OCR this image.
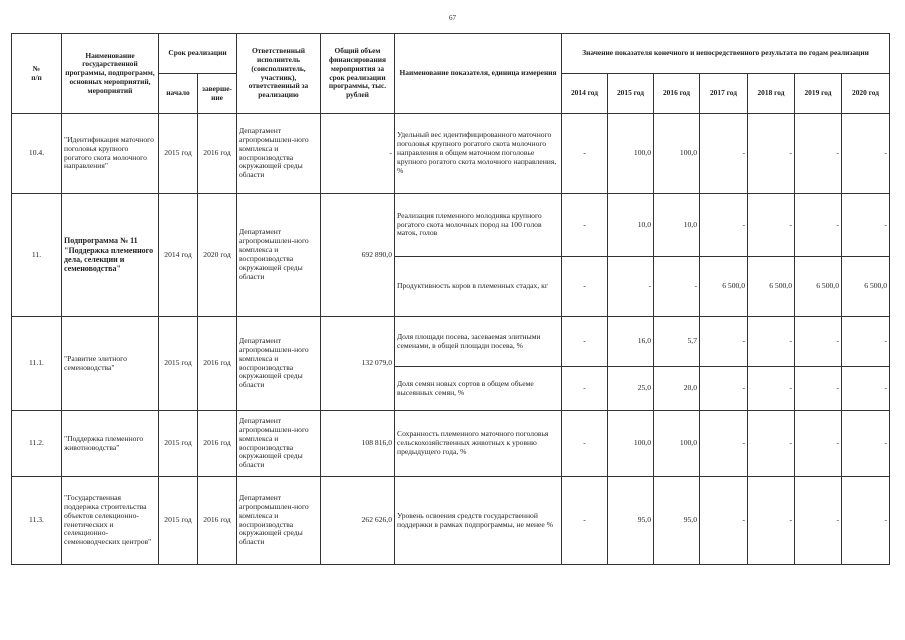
67
№
п/п	Наименование государственной программы, подпрограмм, основных мероприятий, мероприятий	Срок реализации		Ответственный исполнитель (соисполнитель, участник), ответственный за реализацию	Общий объем финансирования мероприятия за срок реализации программы, тыс. рублей	Наименование показателя, единица измерения	Значение показателя конечного и непосредственного результата по годам реализации						
		начало	заверше-ние				2014 год	2015 год	2016 год	2017 год	2018 год	2019 год	2020 год
10.4.	"Идентификация маточного поголовья крупного рогатого скота молочного направления"	2015 год	2016 год	Департамент агропромышлен-ного комплекса и воспроизводства окружающей среды области	-	Удельный вес идентифицированного маточного поголовья крупного рогатого скота молочного направления в общем маточном поголовье крупного рогатого скота молочного направления, %	-	100,0	100,0	-	-	-	-
11.	Подпрограмма № 11 "Поддержка племенного дела, селекции и семеноводства"	2014 год	2020 год	Департамент агропромышлен-ного комплекса и воспроизводства окружающей среды области	692 890,0	Реализация племенного молодняка крупного рогатого скота молочных пород на 100 голов маток, голов	-	10,0	10,0	-	-	-	-
						Продуктивность коров в племенных стадах, кг	-	-	-	6 500,0	6 500,0	6 500,0	6 500,0
11.1.	"Развитие элитного семеноводства"	2015 год	2016 год	Департамент агропромышлен-ного комплекса и воспроизводства окружающей среды области	132 079,0	Доля площади посева, засеваемая элитными семенами, в общей площади посева, %	-	16,0	5,7	-	-	-	-
						Доля семян новых сортов в общем объеме высеянных семян, %	-	25,0	20,0	-	-	-	-
11.2.	"Поддержка племенного животноводства"	2015 год	2016 год	Департамент агропромышлен-ного комплекса и воспроизводства окружающей среды области	108 816,0	Сохранность племенного маточного поголовья сельскохозяйственных животных к уровню предыдущего года, %	-	100,0	100,0	-	-	-	-
11.3.	"Государственная поддержка строительства объектов селекционно-генетических и селекционно-семеноводческих центров"	2015 год	2016 год	Департамент агропромышлен-ного комплекса и воспроизводства окружающей среды области	262 626,0	Уровень освоения средств государственной поддержки в рамках подпрограммы, не менее %	-	95,0	95,0	-	-	-	-
